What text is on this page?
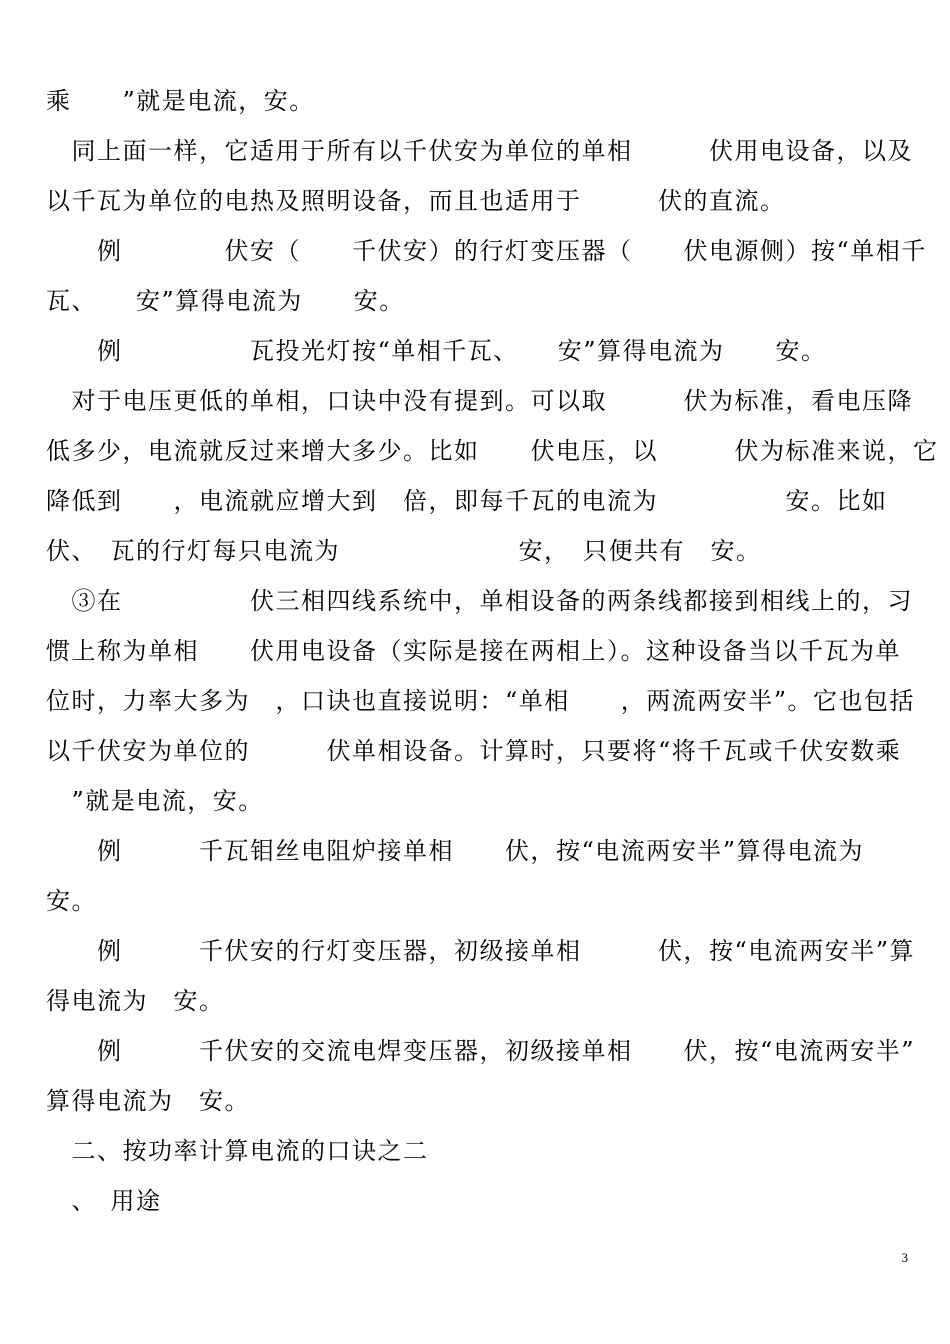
乘　　”就是电流，安。
　同上面一样，它适用于所有以千伏安为单位的单相　　　伏用电设备，以及
以千瓦为单位的电热及照明设备，而且也适用于　　　伏的直流。
　　例　　　　伏安（　　千伏安）的行灯变压器（　　伏电源侧）按“单相千
瓦、　　安”算得电流为　　安。
　　例　　　　　瓦投光灯按“单相千瓦、　　安”算得电流为　　安。
　对于电压更低的单相，口诀中没有提到。可以取　　　伏为标准，看电压降
低多少，电流就反过来增大多少。比如　　伏电压，以　　　伏为标准来说，它
降低到　　，电流就应增大到　倍，即每千瓦的电流为　　　　　安。比如
伏、　瓦的行灯每只电流为　　　　　　　安，　只便共有　安。
　③在　　　　　伏三相四线系统中，单相设备的两条线都接到相线上的，习
惯上称为单相　　伏用电设备（实际是接在两相上）。这种设备当以千瓦为单
位时，力率大多为　，口诀也直接说明：“单相　　，两流两安半”。它也包括
以千伏安为单位的　　　伏单相设备。计算时，只要将“将千瓦或千伏安数乘
　”就是电流，安。
　　例　　　千瓦钼丝电阻炉接单相　　伏，按“电流两安半”算得电流为
安。
　　例　　　千伏安的行灯变压器，初级接单相　　　伏，按“电流两安半”算
得电流为　安。
　　例　　　千伏安的交流电焊变压器，初级接单相　　伏，按“电流两安半”
算得电流为　安。
　二、按功率计算电流的口诀之二
　、　用途
3
